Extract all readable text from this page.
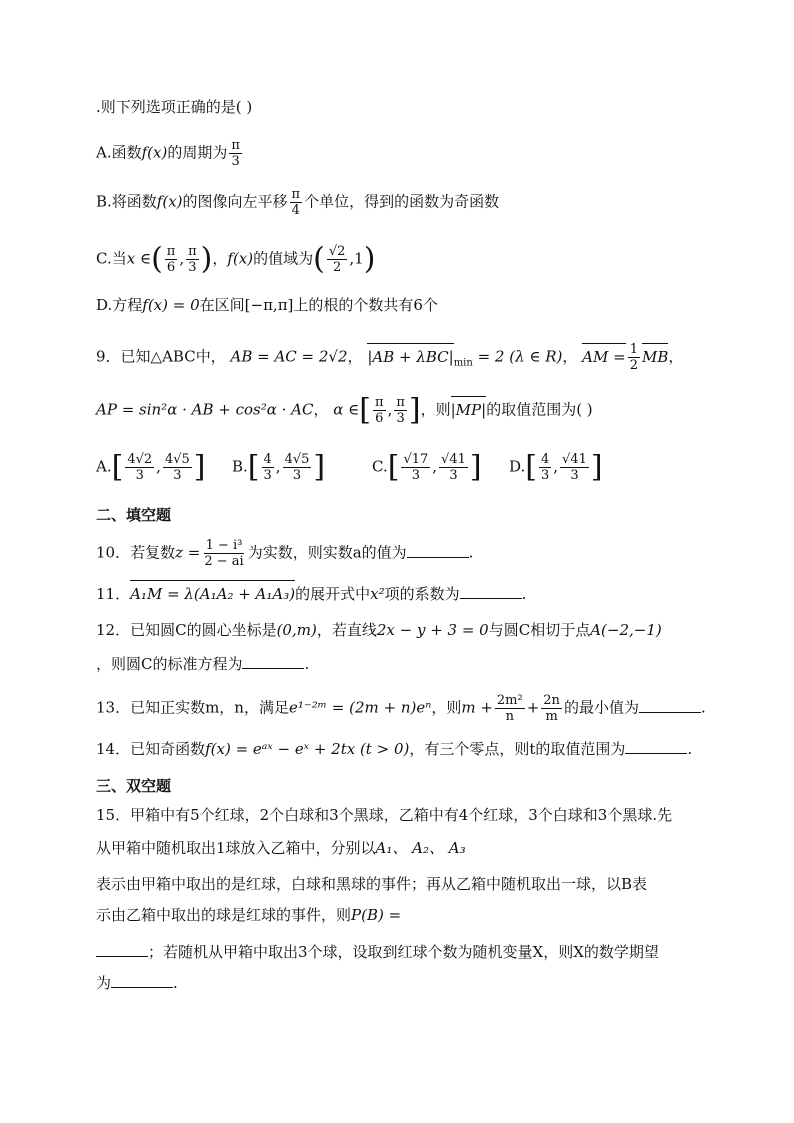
.则下列选项正确的是( )
A.函数f(x)的周期为 $\frac{\pi}{3}$
B.将函数f(x)的图像向左平移 $\frac{\pi}{4}$ 个单位，得到的函数为奇函数
C.当x ∈( $\frac{\pi}{6}$ , $\frac{\pi}{3}$ )，f(x)的值域为( $\frac{√2}{2} ,1$)
D.方程f(x) = 0在区间[−π,π]上的根的个数共有6个
9．已知△ABC中， AB = AC = 2√2， $|AB + \lambda BC|_{min} = 2$ (λ ∈ R)， AM = $\frac{1}{2}$ MB，
AP = sin²α · AB + cos²α · AC， α ∈[ $\frac{\pi}{6}$ , $\frac{\pi}{3}$ ]，则|MP|的取值范围为( )
$A.[ \frac{4√2}{3}$ , $\frac{4√5}{3}$ ] $B.[ \frac{4}{3}$ , $\frac{4√5}{3}$ ]	$C.[ \frac{√17}{3}$ , $\frac{√41}{3}$ ] $D.[ \frac{4}{3}$ , $\frac{√41}{3}$ ]
二、填空题
10．若复数$z = \frac{\text{1 − i³}}{2 - ai}$ 为实数，则实数a的值为	.
11．A₁M = λ(A₁A₂ + A₁A₃)的展开式中x²项的系数为	.
12．已知圆C的圆心坐标是(0,m)，若直线2x − y + 3 = 0与圆C相切于点A(−2,−1)
，则圆C的标准方程为	.
13．已知正实数m，n，满足e¹⁻²ᵐ = (2m + n)eⁿ，则$m + \frac{\text{2m²}}{n} + \frac{2n}{m}$ 的最小值为	.
14．已知奇函数f(x) = eᵃˣ − eˣ + 2tx (t > 0)，有三个零点，则t的取值范围为	.
三、双空题
15．甲箱中有5个红球，2个白球和3个黑球，乙箱中有4个红球，3个白球和3个黑球.先
从甲箱中随机取出1球放入乙箱中，分别以A₁、 A₂、 A₃
表示由甲箱中取出的是红球，白球和黑球的事件；再从乙箱中随机取出一球，以B表
示由乙箱中取出的球是红球的事件，则P(B) =
；若随机从甲箱中取出3个球，设取到红球个数为随机变量X，则X的数学期望
为	.
